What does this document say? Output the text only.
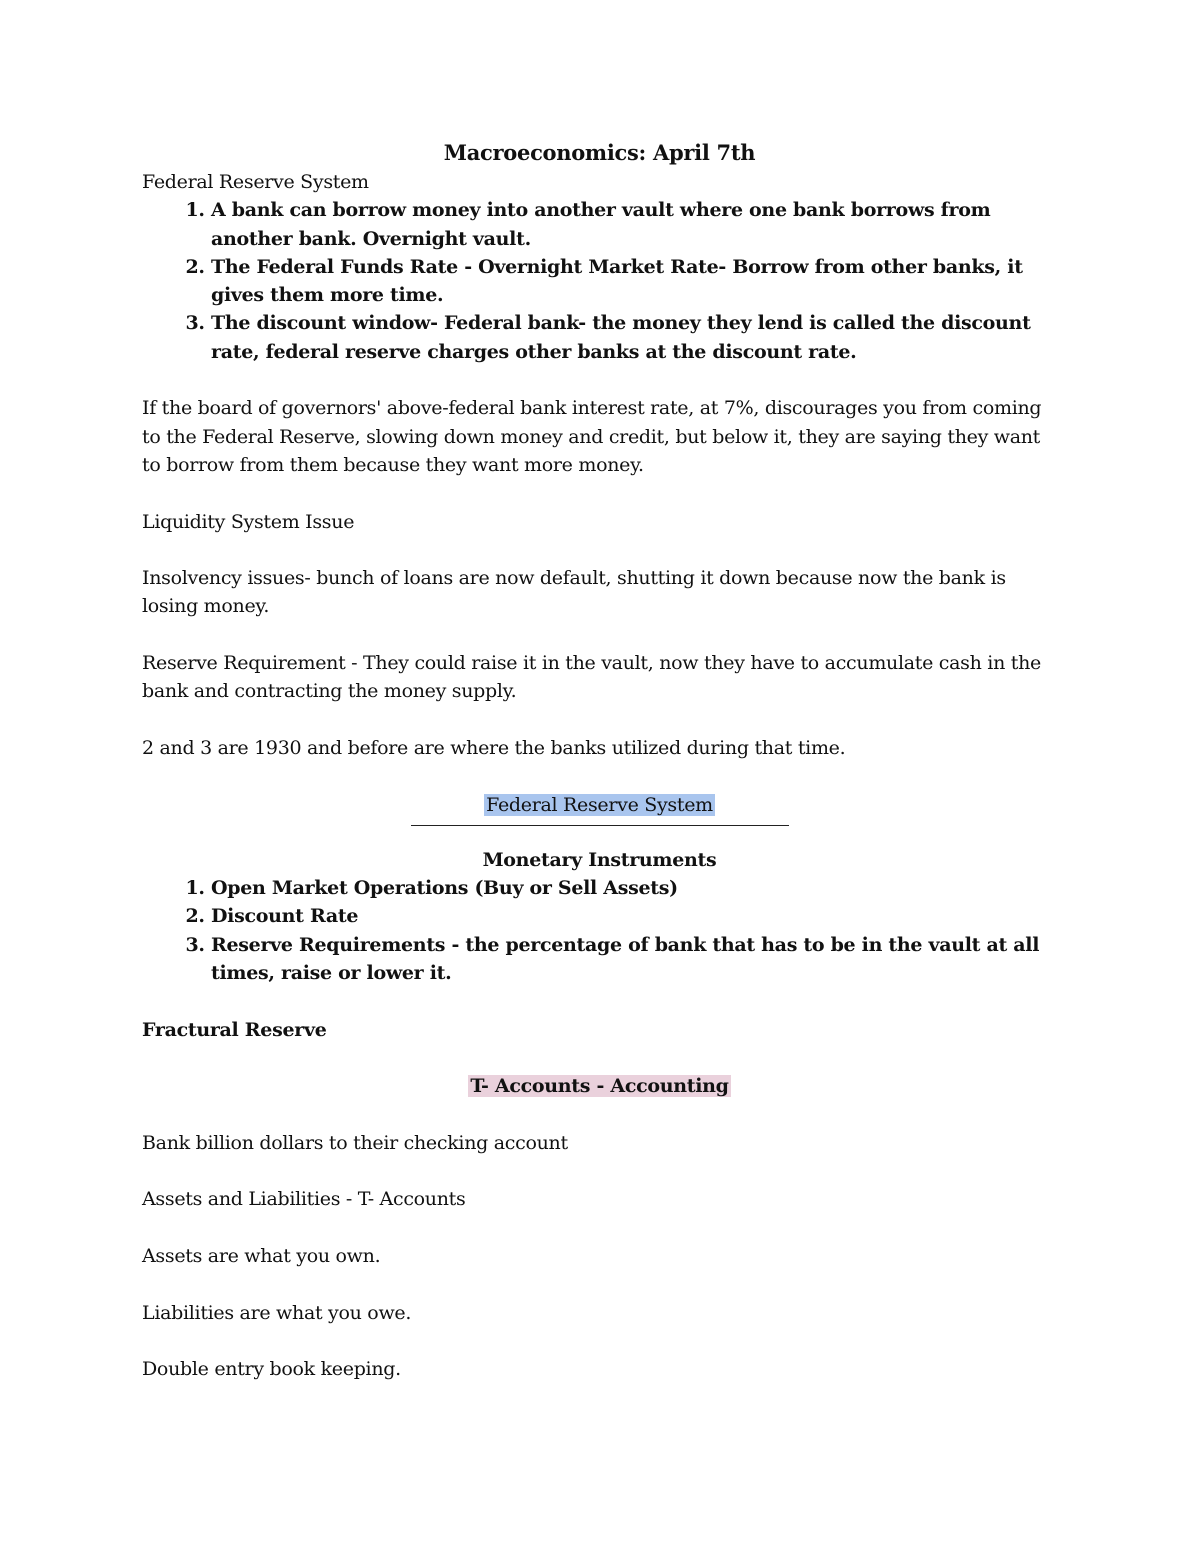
Macroeconomics: April 7th

Federal Reserve System

1. A bank can borrow money into another vault where one bank borrows from another bank. Overnight vault.
2. The Federal Funds Rate - Overnight Market Rate- Borrow from other banks, it gives them more time.
3. The discount window- Federal bank- the money they lend is called the discount rate, federal reserve charges other banks at the discount rate.

If the board of governors' above-federal bank interest rate, at 7%, discourages you from coming to the Federal Reserve, slowing down money and credit, but below it, they are saying they want to borrow from them because they want more money.

Liquidity System Issue

Insolvency issues- bunch of loans are now default, shutting it down because now the bank is losing money.

Reserve Requirement - They could raise it in the vault, now they have to accumulate cash in the bank and contracting the money supply.

2 and 3 are 1930 and before are where the banks utilized during that time.

Federal Reserve System

Monetary Instruments

1. Open Market Operations (Buy or Sell Assets)
2. Discount Rate
3. Reserve Requirements - the percentage of bank that has to be in the vault at all times, raise or lower it.

Fractural Reserve

T- Accounts - Accounting

Bank billion dollars to their checking account

Assets and Liabilities - T- Accounts

Assets are what you own.

Liabilities are what you owe.

Double entry book keeping.
